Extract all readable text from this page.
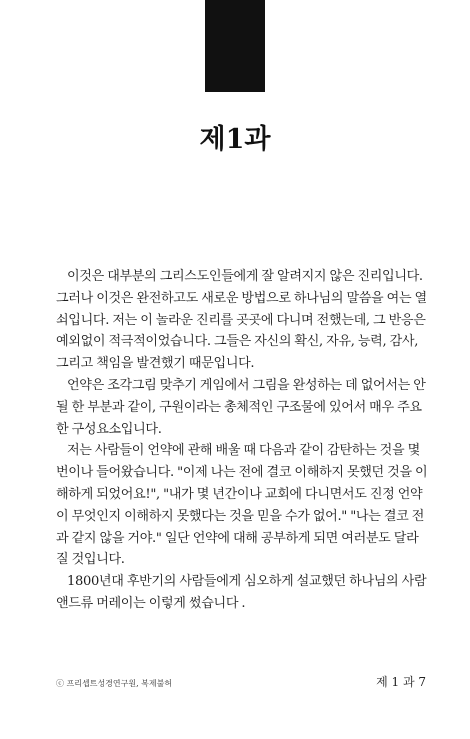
제1과
이것은 대부분의 그리스도인들에게 잘 알려지지 않은 진리입니다.
그러나 이것은 완전하고도 새로운 방법으로 하나님의 말씀을 여는 열
쇠입니다. 저는 이 놀라운 진리를 곳곳에 다니며 전했는데, 그 반응은
예외없이 적극적이었습니다. 그들은 자신의 확신, 자유, 능력, 감사,
그리고 책임을 발견했기 때문입니다.
언약은 조각그림 맞추기 게임에서 그림을 완성하는 데 없어서는 안
될 한 부분과 같이, 구원이라는 총체적인 구조물에 있어서 매우 주요
한 구성요소입니다.
저는 사람들이 언약에 관해 배울 때 다음과 같이 감탄하는 것을 몇
번이나 들어왔습니다. "이제 나는 전에 결코 이해하지 못했던 것을 이
해하게 되었어요!", "내가 몇 년간이나 교회에 다니면서도 진정 언약
이 무엇인지 이해하지 못했다는 것을 믿을 수가 없어." "나는 결코 전
과 같지 않을 거야." 일단 언약에 대해 공부하게 되면 여러분도 달라
질 것입니다.
1800년대 후반기의 사람들에게 심오하게 설교했던 하나님의 사람
앤드류 머레이는 이렇게 썼습니다 .
ⓒ 프리셉트성경연구원, 복제불허	제 1 과 7
